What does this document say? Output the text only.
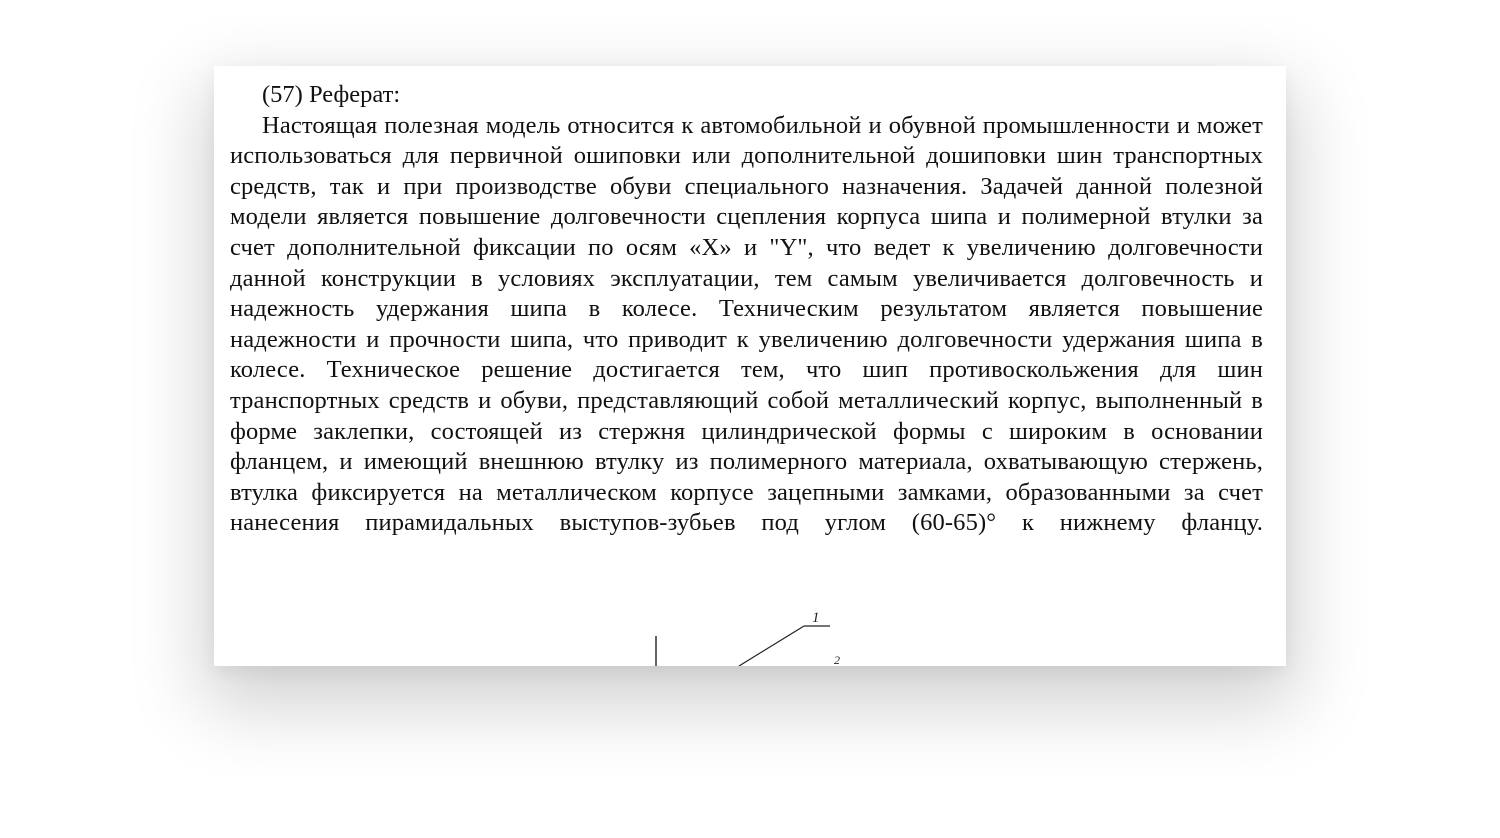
(57) Реферат:

Настоящая полезная модель относится к автомобильной и обувной промышленности и может использоваться для первичной ошиповки или дополнительной дошиповки шин транспортных средств, так и при производстве обуви специального назначения. Задачей данной полезной модели является повышение долговечности сцепления корпуса шипа и полимерной втулки за счет дополнительной фиксации по осям «X» и "Y", что ведет к увеличению долговечности данной конструкции в условиях эксплуатации, тем самым увеличивается долговечность и надежность удержания шипа в колесе. Техническим результатом является повышение надежности и прочности шипа, что приводит к увеличению долговечности удержания шипа в колесе. Техническое решение достигается тем, что шип противоскольжения для шин транспортных средств и обуви, представляющий собой металлический корпус, выполненный в форме заклепки, состоящей из стержня цилиндрической формы с широким в основании фланцем, и имеющий внешнюю втулку из полимерного материала, охватывающую стержень, втулка фиксируется на металлическом корпусе зацепными замками, образованными за счет нанесения пирамидальных выступов-зубьев под углом (60-65)° к нижнему фланцу.

1
2
